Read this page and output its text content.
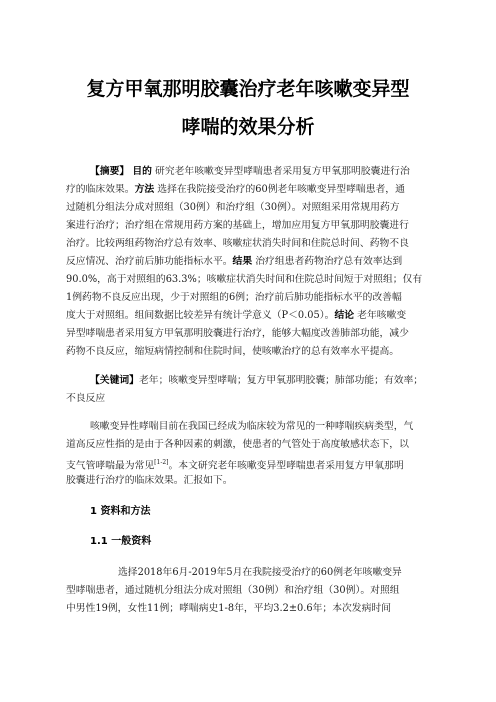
复方甲氧那明胶囊治疗老年咳嗽变异型
哮喘的效果分析
【摘要】 目的 研究老年咳嗽变异型哮喘患者采用复方甲氧那明胶囊进行治
疗的临床效果。方法 选择在我院接受治疗的60例老年咳嗽变异型哮喘患者，通
过随机分组法分成对照组（30例）和治疗组（30例）。对照组采用常规用药方
案进行治疗；治疗组在常规用药方案的基础上，增加应用复方甲氧那明胶囊进行
治疗。比较两组药物治疗总有效率、咳嗽症状消失时间和住院总时间、药物不良
反应情况、治疗前后肺功能指标水平。结果 治疗组患者药物治疗总有效率达到
90.0%，高于对照组的63.3%；咳嗽症状消失时间和住院总时间短于对照组；仅有
1例药物不良反应出现，少于对照组的6例；治疗前后肺功能指标水平的改善幅
度大于对照组。组间数据比较差异有统计学意义（P＜0.05）。结论 老年咳嗽变
异型哮喘患者采用复方甲氧那明胶囊进行治疗，能够大幅度改善肺部功能，减少
药物不良反应，缩短病情控制和住院时间，使咳嗽治疗的总有效率水平提高。
【关键词】老年；咳嗽变异型哮喘；复方甲氧那明胶囊；肺部功能；有效率；
不良反应
咳嗽变异性哮喘目前在我国已经成为临床较为常见的一种哮喘疾病类型，气
道高反应性指的是由于各种因素的刺激，使患者的气管处于高度敏感状态下，以
支气管哮喘最为常见[1-2]。本文研究老年咳嗽变异型哮喘患者采用复方甲氧那明
胶囊进行治疗的临床效果。汇报如下。
1 资料和方法
1.1 一般资料
选择2018年6月-2019年5月在我院接受治疗的60例老年咳嗽变异
型哮喘患者，通过随机分组法分成对照组（30例）和治疗组（30例）。对照组
中男性19例，女性11例；哮喘病史1-8年，平均3.2±0.6年；本次发病时间
